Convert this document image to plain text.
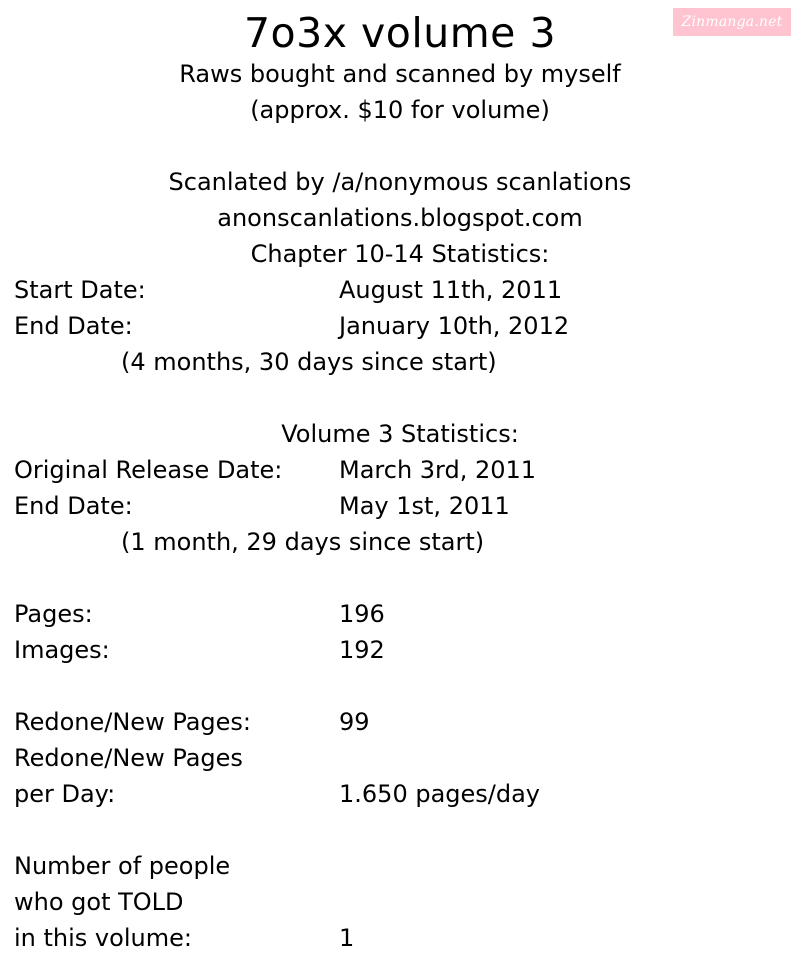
Zinmanga.net
7o3x volume 3
Raws bought and scanned by myself
(approx. $10 for volume)
Scanlated by /a/nonymous scanlations
anonscanlations.blogspot.com
Chapter 10-14 Statistics:
Start Date:	August 11th, 2011
End Date:	January 10th, 2012
(4 months, 30 days since start)
Volume 3 Statistics:
Original Release Date: March 3rd, 2011
End Date:	May 1st, 2011
(1 month, 29 days since start)
Pages:	196
Images:	192
Redone/New Pages:	99
Redone/New Pages
per Day:	1.650 pages/day
Number of people
who got TOLD
in this volume:	1
